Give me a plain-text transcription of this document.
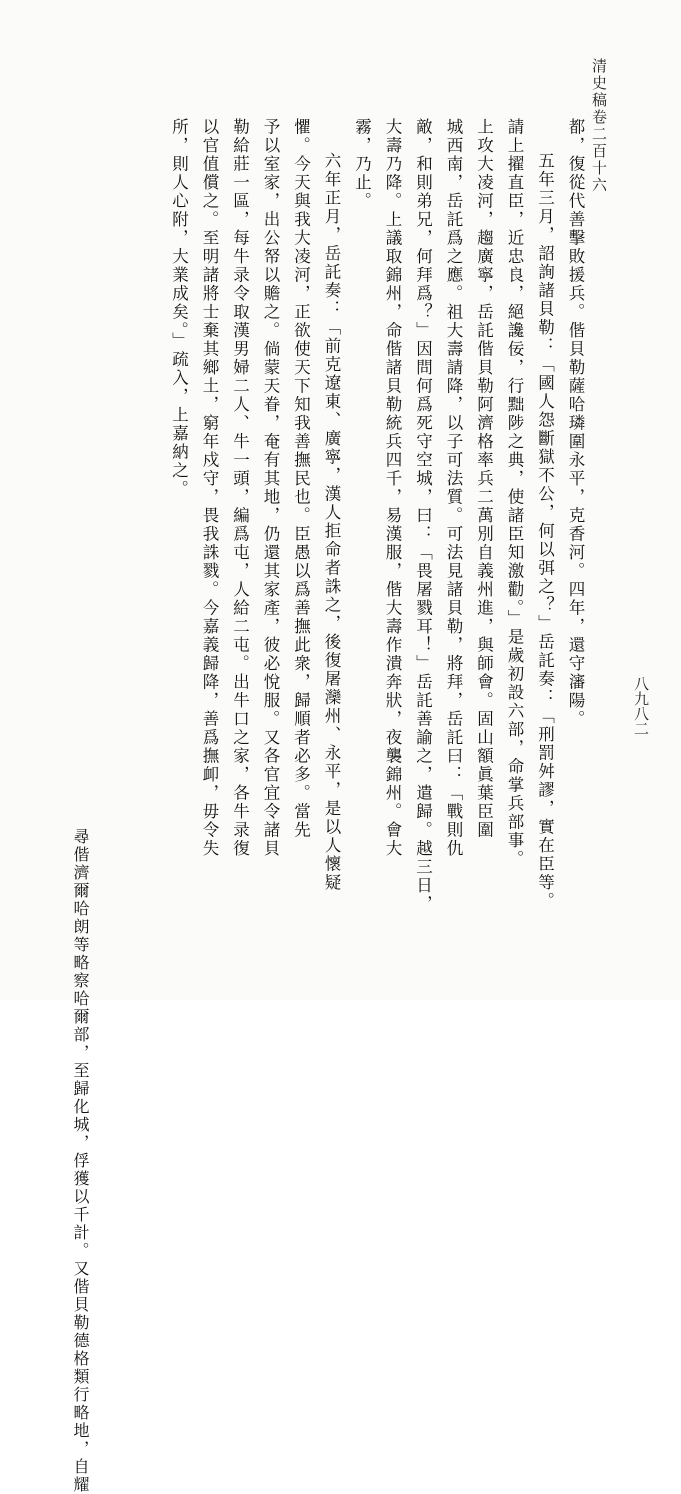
清史稿卷二百十六
八九八二
都，復從代善擊敗援兵。偕貝勒薩哈璘圍永平，克香河。四年，還守瀋陽。
五年三月，詔詢諸貝勒：「國人怨斷獄不公，何以弭之？」岳託奏：「刑罰舛謬，實在臣等。
請上擢直臣，近忠良，絕讒佞，行黜陟之典，使諸臣知激勸。」是歲初設六部，命掌兵部事。
上攻大凌河，趨廣寧，岳託偕貝勒阿濟格率兵二萬別自義州進，與師會。固山額眞葉臣圍
城西南，岳託爲之應。祖大壽請降，以子可法質。可法見諸貝勒，將拜，岳託曰：「戰則仇
敵，和則弟兄，何拜爲？」因問何爲死守空城，曰：「畏屠戮耳！」岳託善諭之，遣歸。越三日，
大壽乃降。上議取錦州，命偕諸貝勒統兵四千，易漢服，偕大壽作潰奔狀，夜襲錦州。會大
霧，乃止。
六年正月，岳託奏：「前克遼東、廣寧，漢人拒命者誅之，後復屠灤州、永平，是以人懷疑
懼。今天與我大凌河，正欲使天下知我善撫民也。臣愚以爲善撫此衆，歸順者必多。當先
予以室家，出公帑以贍之。倘蒙天眷，奄有其地，仍還其家產，彼必悅服。又各官宜令諸貝
勒給莊一區，每牛录令取漢男婦二人、牛一頭，編爲屯，人給二屯。出牛口之家，各牛录復
以官值償之。至明諸將士棄其鄉土，窮年戍守，畏我誅戮。今嘉義歸降，善爲撫卹，毋令失
所，則人心附，大業成矣。」疏入，上嘉納之。
尋偕濟爾哈朗等略察哈爾部，至歸化城，俘獲以千計。又偕貝勒德格類行略地，自耀
